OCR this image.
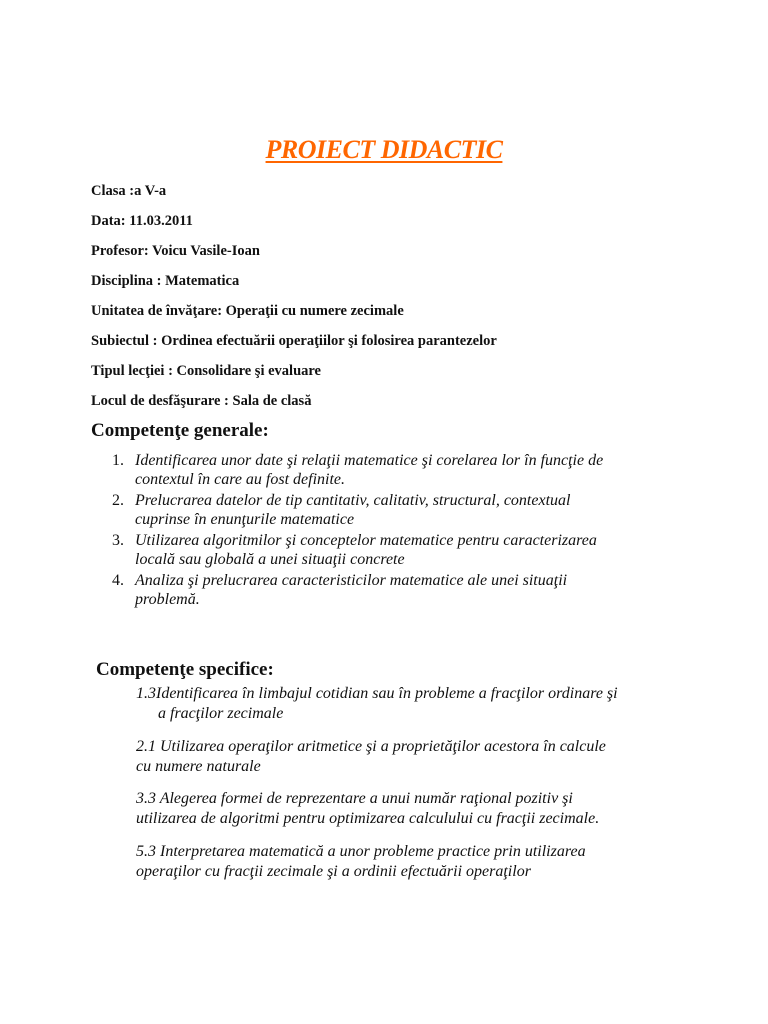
PROIECT DIDACTIC
Clasa :a V-a
Data: 11.03.2011
Profesor: Voicu Vasile-Ioan
Disciplina : Matematica
Unitatea de învăţare: Operaţii cu numere zecimale
Subiectul : Ordinea efectuării operaţiilor şi folosirea parantezelor
Tipul lecţiei : Consolidare şi evaluare
Locul de desfăşurare : Sala de clasă
Competenţe generale:
1. Identificarea unor date şi relaţii matematice şi corelarea lor în funcţie de
contextul în care au fost definite.
2. Prelucrarea datelor de tip cantitativ, calitativ, structural, contextual
cuprinse în enunţurile matematice
3. Utilizarea algoritmilor şi conceptelor matematice pentru caracterizarea
locală sau globală a unei situaţii concrete
4. Analiza şi prelucrarea caracteristicilor matematice ale unei situaţii
problemă.
Competenţe specifice:
1.3Identificarea în limbajul cotidian sau în probleme a fracţilor ordinare şi
a fracţilor zecimale
2.1 Utilizarea operaţilor aritmetice şi a proprietăţilor acestora în calcule
cu numere naturale
3.3 Alegerea formei de reprezentare a unui număr raţional pozitiv şi
utilizarea de algoritmi pentru optimizarea calculului cu fracţii zecimale.
5.3 Interpretarea matematică a unor probleme practice prin utilizarea
operaţilor cu fracţii zecimale şi a ordinii efectuării operaţilor
